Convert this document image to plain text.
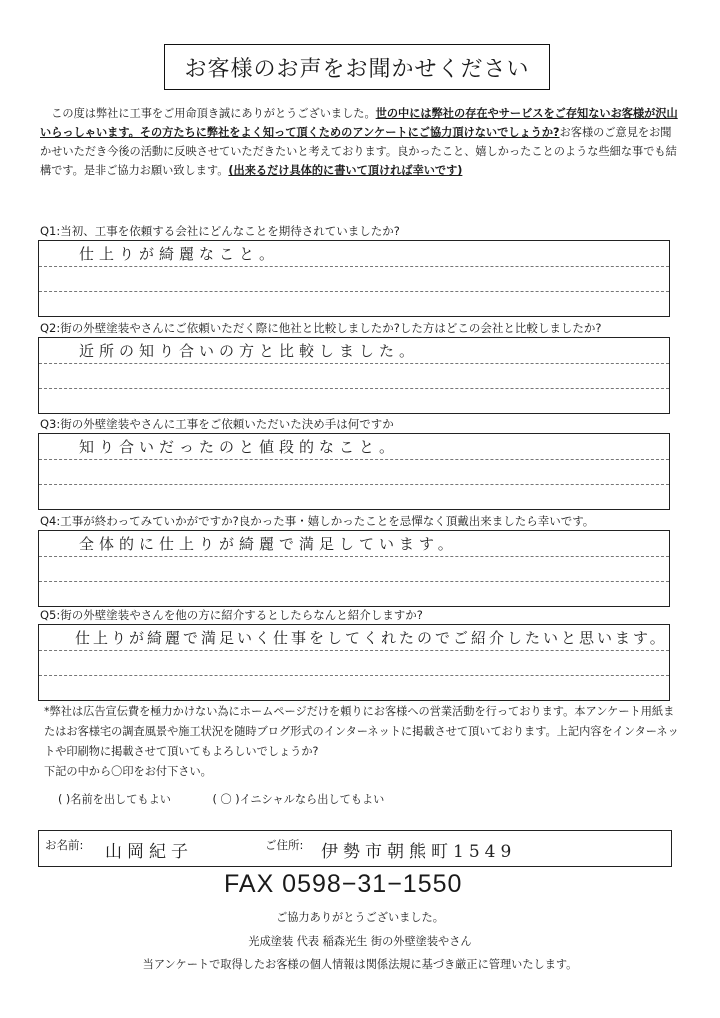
お客様のお声をお聞かせください
この度は弊社に工事をご用命頂き誠にありがとうございました。世の中には弊社の存在やサービスをご存知ないお客様が沢山いらっしゃいます。その方たちに弊社をよく知って頂くためのアンケートにご協力頂けないでしょうか?お客様のご意見をお聞かせいただき今後の活動に反映させていただきたいと考えております。良かったこと、嬉しかったことのような些細な事でも結構です。是非ご協力お願い致します。(出来るだけ具体的に書いて頂ければ幸いです)
Q1:当初、工事を依頼する会社にどんなことを期待されていましたか?
仕上りが綺麗なこと。
Q2:街の外壁塗装やさんにご依頼いただく際に他社と比較しましたか?した方はどこの会社と比較しましたか?
近所の知り合いの方と比較しました。
Q3:街の外壁塗装やさんに工事をご依頼いただいた決め手は何ですか
知り合いだったのと値段的なこと。
Q4:工事が終わってみていかがですか?良かった事・嬉しかったことを忌憚なく頂戴出来ましたら幸いです。
全体的に仕上りが綺麗で満足しています。
Q5:街の外壁塗装やさんを他の方に紹介するとしたらなんと紹介しますか?
仕上りが綺麗で満足いく仕事をしてくれたのでご紹介したいと思います。
*弊社は広告宣伝費を極力かけない為にホームページだけを頼りにお客様への営業活動を行っております。本アンケート用紙またはお客様宅の調査風景や施工状況を随時ブログ形式のインターネットに掲載させて頂いております。上記内容をインターネットや印刷物に掲載させて頂いてもよろしいでしょうか?
下記の中から〇印をお付下さい。
( )名前を出してもよい	( 〇 )イニシャルなら出してもよい
お名前: 山岡紀子	ご住所: 伊勢市朝熊町1549
FAX 0598−31−1550
ご協力ありがとうございました。
光成塗装 代表 稲森光生 街の外壁塗装やさん
当アンケートで取得したお客様の個人情報は関係法規に基づき厳正に管理いたします。
